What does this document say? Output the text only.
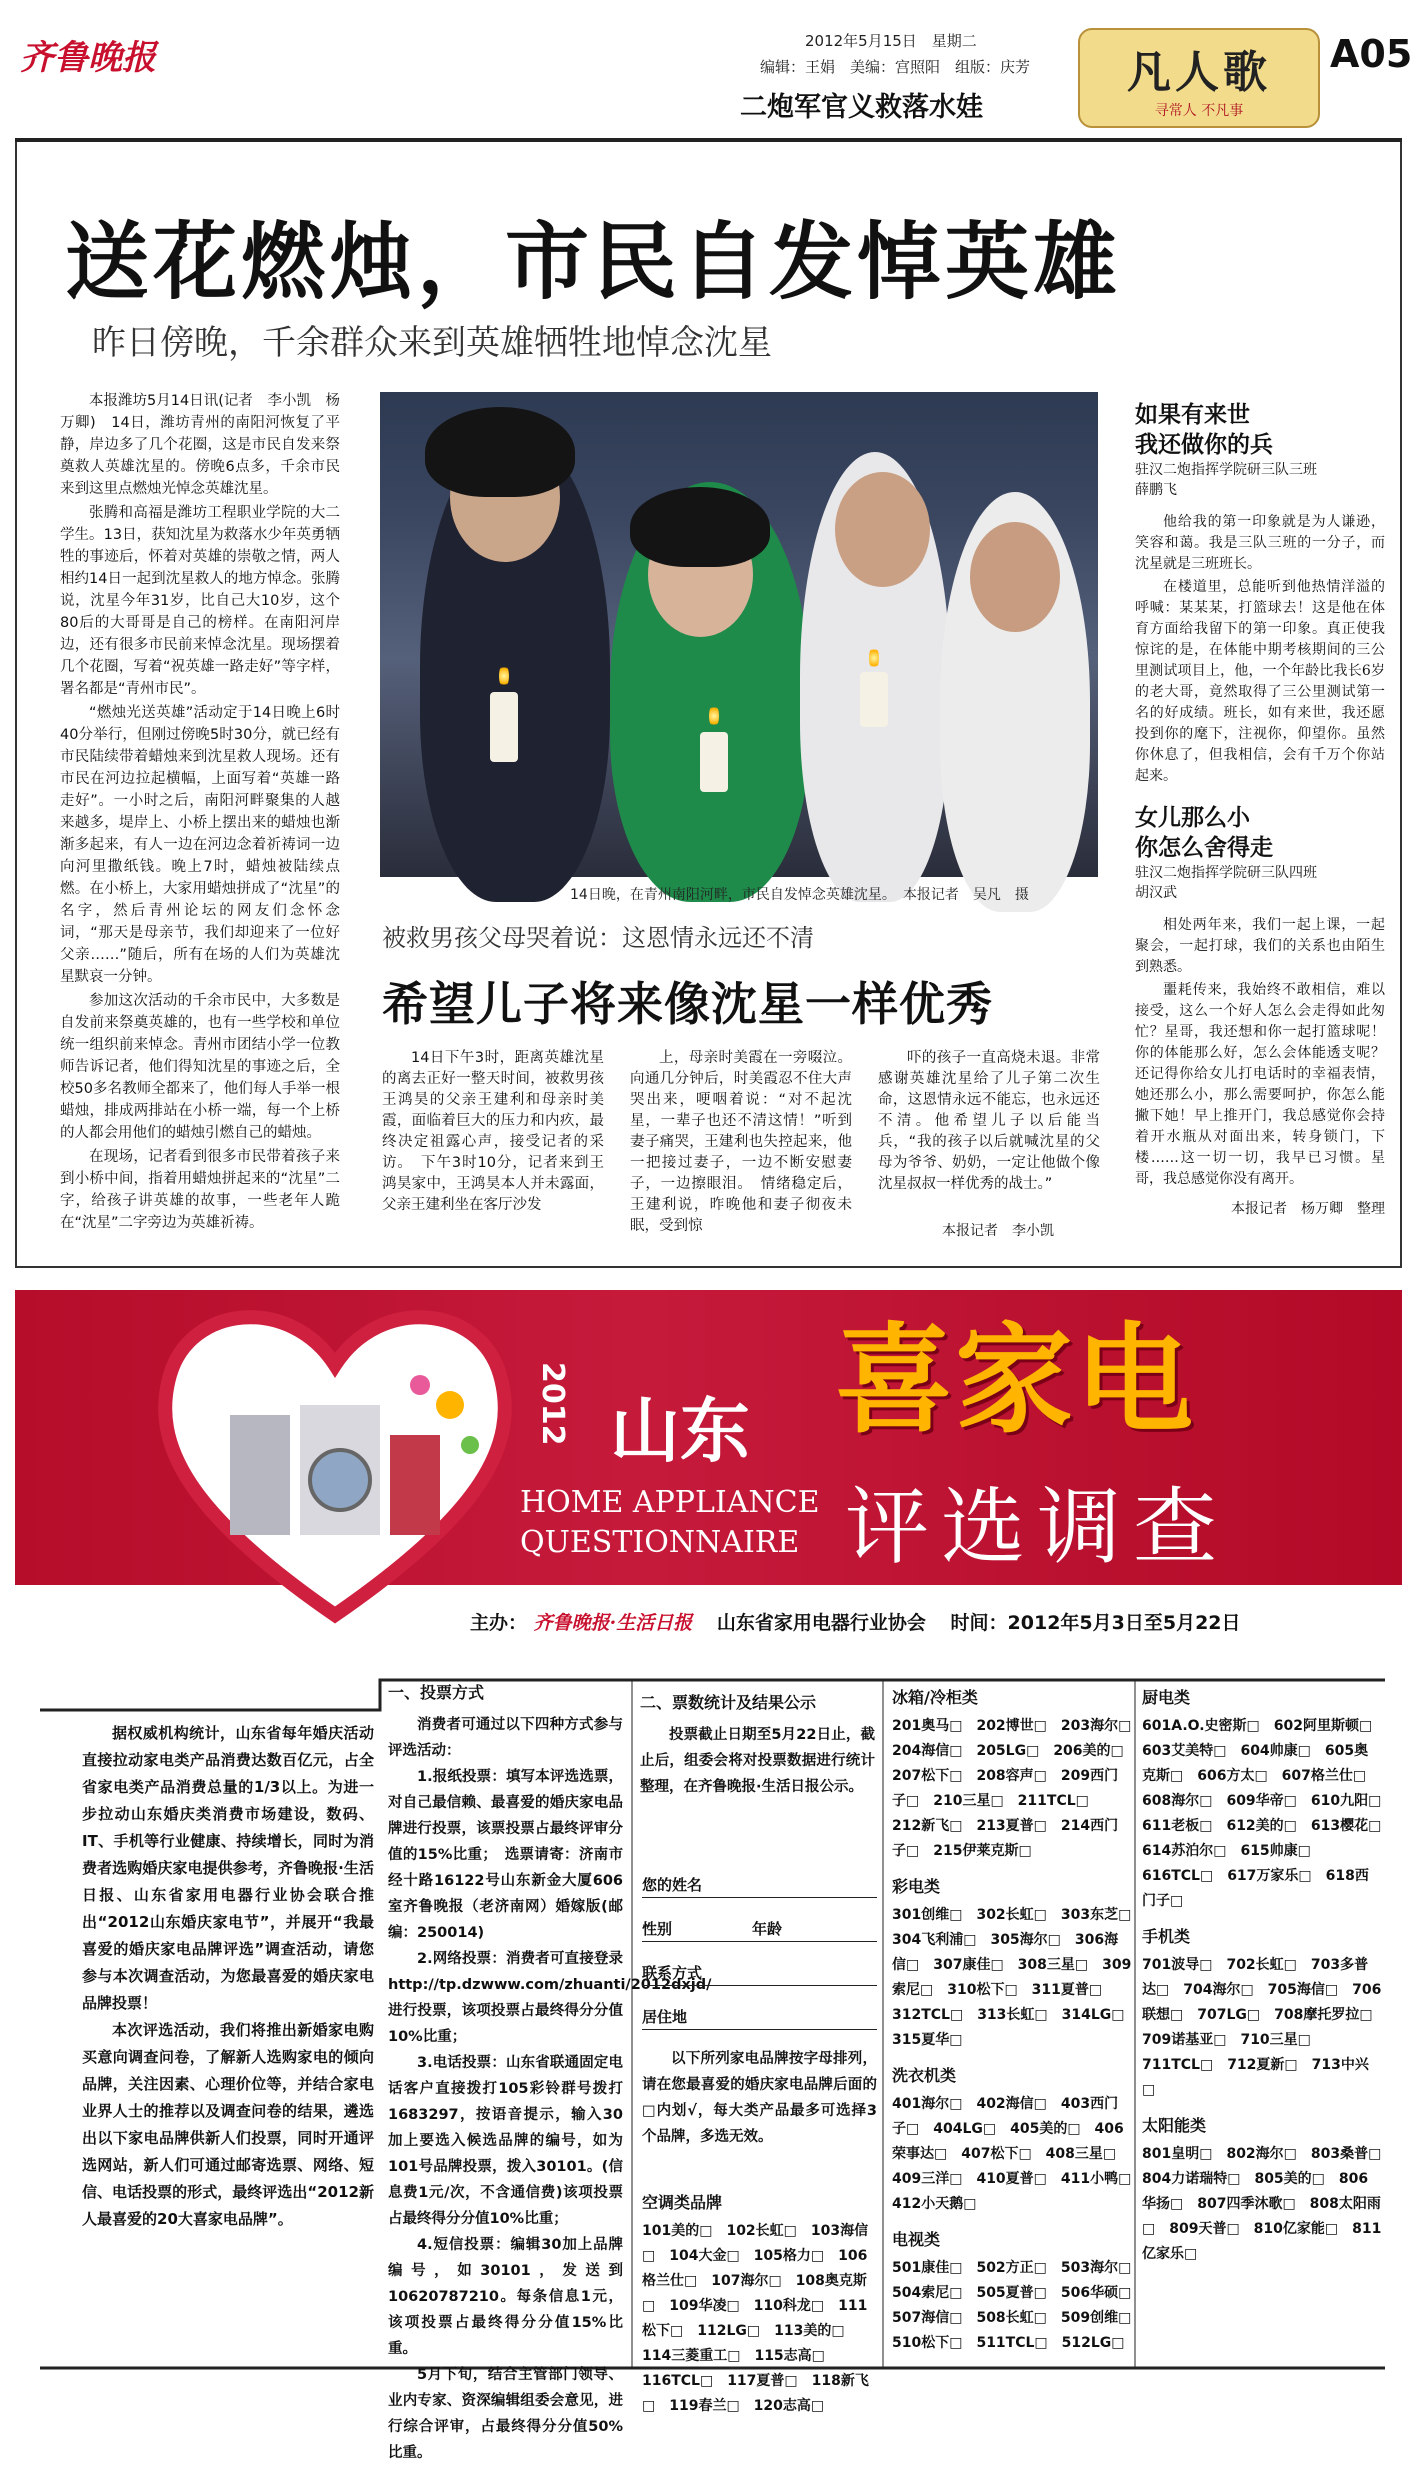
齐鲁晚报	2012年5月15日　星期二
编辑：王娟　美编：宫照阳　组版：庆芳
二炮军官义救落水娃
凡人歌
寻常人 不凡事
A05
送花燃烛，市民自发悼英雄
昨日傍晚，千余群众来到英雄牺牲地悼念沈星

本报潍坊5月14日讯(记者　李小凯　杨万卿)　14日，潍坊青州的南阳河恢复了平静，岸边多了几个花圈，这是市民自发来祭奠救人英雄沈星的。傍晚6点多，千余市民来到这里点燃烛光悼念英雄沈星。

张腾和高福是潍坊工程职业学院的大二学生。13日，获知沈星为救落水少年英勇牺牲的事迹后，怀着对英雄的崇敬之情，两人相约14日一起到沈星救人的地方悼念。张腾说，沈星今年31岁，比自己大10岁，这个80后的大哥哥是自己的榜样。在南阳河岸边，还有很多市民前来悼念沈星。现场摆着几个花圈，写着“祝英雄一路走好”等字样，署名都是“青州市民”。

“燃烛光送英雄”活动定于14日晚上6时40分举行，但刚过傍晚5时30分，就已经有市民陆续带着蜡烛来到沈星救人现场。还有市民在河边拉起横幅，上面写着“英雄一路走好”。一小时之后，南阳河畔聚集的人越来越多，堤岸上、小桥上摆出来的蜡烛也渐渐多起来，有人一边在河边念着祈祷词一边向河里撒纸钱。晚上7时，蜡烛被陆续点燃。在小桥上，大家用蜡烛拼成了“沈星”的名字，然后青州论坛的网友们念怀念词，“那天是母亲节，我们却迎来了一位好父亲……”随后，所有在场的人们为英雄沈星默哀一分钟。

参加这次活动的千余市民中，大多数是自发前来祭奠英雄的，也有一些学校和单位统一组织前来悼念。青州市团结小学一位教师告诉记者，他们得知沈星的事迹之后，全校50多名教师全都来了，他们每人手举一根蜡烛，排成两排站在小桥一端，每一个上桥的人都会用他们的蜡烛引燃自己的蜡烛。

在现场，记者看到很多市民带着孩子来到小桥中间，指着用蜡烛拼起来的“沈星”二字，给孩子讲英雄的故事，一些老年人跪在“沈星”二字旁边为英雄祈祷。

14日晚，在青州南阳河畔，市民自发悼念英雄沈星。　本报记者　吴凡　摄
被救男孩父母哭着说：这恩情永远还不清
希望儿子将来像沈星一样优秀

14日下午3时，距离英雄沈星的离去正好一整天时间，被救男孩王鸿昊的父亲王建利和母亲时美霞，面临着巨大的压力和内疚，最终决定祖露心声，接受记者的采访。　下午3时10分，记者来到王鸿昊家中，王鸿昊本人并未露面，父亲王建利坐在客厅沙发

上，母亲时美霞在一旁啜泣。向通几分钟后，时美霞忍不住大声哭出来，哽咽着说：“对不起沈星，一辈子也还不清这情！”听到妻子痛哭，王建利也失控起来，他一把接过妻子，一边不断安慰妻子，一边擦眼泪。　情绪稳定后，王建利说，昨晚他和妻子彻夜未眠，受到惊

吓的孩子一直高烧未退。非常感谢英雄沈星给了儿子第二次生命，这恩情永远不能忘，也永远还不清。他希望儿子以后能当兵，“我的孩子以后就喊沈星的父母为爷爷、奶奶，一定让他做个像沈星叔叔一样优秀的战士。”

本报记者　李小凯
如果有来世
我还做你的兵
驻汉二炮指挥学院研三队三班
薛鹏飞

他给我的第一印象就是为人谦逊，笑容和蔼。我是三队三班的一分子，而沈星就是三班班长。

在楼道里，总能听到他热情洋溢的呼喊：某某某，打篮球去！这是他在体育方面给我留下的第一印象。真正使我惊诧的是，在体能中期考核期间的三公里测试项目上，他，一个年龄比我长6岁的老大哥，竟然取得了三公里测试第一名的好成绩。班长，如有来世，我还愿投到你的麾下，注视你，仰望你。虽然你休息了，但我相信，会有千万个你站起来。

女儿那么小
你怎么舍得走
驻汉二炮指挥学院研三队四班
胡汉武

相处两年来，我们一起上课，一起聚会，一起打球，我们的关系也由陌生到熟悉。

噩耗传来，我始终不敢相信，难以接受，这么一个好人怎么会走得如此匆忙？星哥，我还想和你一起打篮球呢！你的体能那么好，怎么会体能透支呢？还记得你给女儿打电话时的幸福表情，她还那么小，那么需要呵护，你怎么能撇下她！早上推开门，我总感觉你会持着开水瓶从对面出来，转身锁门，下楼……这一切一切，我早已习惯。星哥，我总感觉你没有离开。

本报记者　杨万卿　整理
2012 山东 喜家电
HOME APPLIANCE
QUESTIONNAIRE 评选调查
主办： 齐鲁晚报·生活日报 山东省家用电器行业协会 时间：2012年5月3日至5月22日

据权威机构统计，山东省每年婚庆活动直接拉动家电类产品消费达数百亿元，占全省家电类产品消费总量的1/3以上。为进一步拉动山东婚庆类消费市场建设，数码、IT、手机等行业健康、持续增长，同时为消费者选购婚庆家电提供参考，齐鲁晚报·生活日报、山东省家用电器行业协会联合推出“2012山东婚庆家电节”，并展开“我最喜爱的婚庆家电品牌评选”调查活动，请您参与本次调查活动，为您最喜爱的婚庆家电品牌投票！

本次评选活动，我们将推出新婚家电购买意向调查问卷，了解新人选购家电的倾向品牌，关注因素、心理价位等，并结合家电业界人士的推荐以及调查问卷的结果，遴选出以下家电品牌供新人们投票，同时开通评选网站，新人们可通过邮寄选票、网络、短信、电话投票的形式，最终评选出“2012新人最喜爱的20大喜家电品牌”。

一、投票方式

消费者可通过以下四种方式参与评选活动：

1.报纸投票：填写本评选选票，对自己最信赖、最喜爱的婚庆家电品牌进行投票，该票投票占最终评审分值的15%比重；　选票请寄：济南市经十路16122号山东新金大厦606室齐鲁晚报（老济南网）婚嫁版(邮编：250014)

2.网络投票：消费者可直接登录http://tp.dzwww.com/zhuanti/2012dxjd/进行投票，该项投票占最终得分分值10%比重；

3.电话投票：山东省联通固定电话客户直接拨打105彩铃群号拨打1683297，按语音提示，输入30加上要选入候选品牌的编号，如为101号品牌投票，拨入30101。(信息费1元/次，不含通信费)该项投票占最终得分分值10%比重；

4.短信投票：编辑30加上品牌编号，如30101，发送到10620787210。每条信息1元，该项投票占最终得分分值15%比重。

5月下旬，结合主管部门领导、业内专家、资深编辑组委会意见，进行综合评审，占最终得分分值50%比重。

二、票数统计及结果公示

投票截止日期至5月22日止，截止后，组委会将对投票数据进行统计整理，在齐鲁晚报·生活日报公示。

您的姓名
性别	年龄
联系方式
居住地

以下所列家电品牌按字母排列，请在您最喜爱的婚庆家电品牌后面的□内划√，每大类产品最多可选择3个品牌，多选无效。

空调类品牌
101美的□　102长虹□　103海信□　104大金□　105格力□　106格兰仕□　107海尔□　108奥克斯□　109华凌□　110科龙□　111松下□　112LG□　113美的□　114三菱重工□　115志高□　116TCL□　117夏普□　118新飞□　119春兰□　120志高□
冰箱/冷柜类
201奥马□　202博世□　203海尔□　204海信□　205LG□　206美的□　207松下□　208容声□　209西门子□　210三星□　211TCL□　212新飞□　213夏普□　214西门子□　215伊莱克斯□
彩电类
301创维□　302长虹□　303东芝□　304飞利浦□　305海尔□　306海信□　307康佳□　308三星□　309索尼□　310松下□　311夏普□　312TCL□　313长虹□　314LG□　315夏华□
洗衣机类
401海尔□　402海信□　403西门子□　404LG□　405美的□　406荣事达□　407松下□　408三星□　409三洋□　410夏普□　411小鸭□　412小天鹅□
电视类
501康佳□　502方正□　503海尔□　504索尼□　505夏普□　506华硕□　507海信□　508长虹□　509创维□　510松下□　511TCL□　512LG□
厨电类
601A.O.史密斯□　602阿里斯顿□　603艾美特□　604帅康□　605奥克斯□　606方太□　607格兰仕□　608海尔□　609华帝□　610九阳□　611老板□　612美的□　613樱花□　614苏泊尔□　615帅康□　616TCL□　617万家乐□　618西门子□
手机类
701波导□　702长虹□　703多普达□　704海尔□　705海信□　706联想□　707LG□　708摩托罗拉□　709诺基亚□　710三星□　711TCL□　712夏新□　713中兴□
太阳能类
801皇明□　802海尔□　803桑普□　804力诺瑞特□　805美的□　806华扬□　807四季沐歌□　808太阳雨□　809天普□　810亿家能□　811亿家乐□
